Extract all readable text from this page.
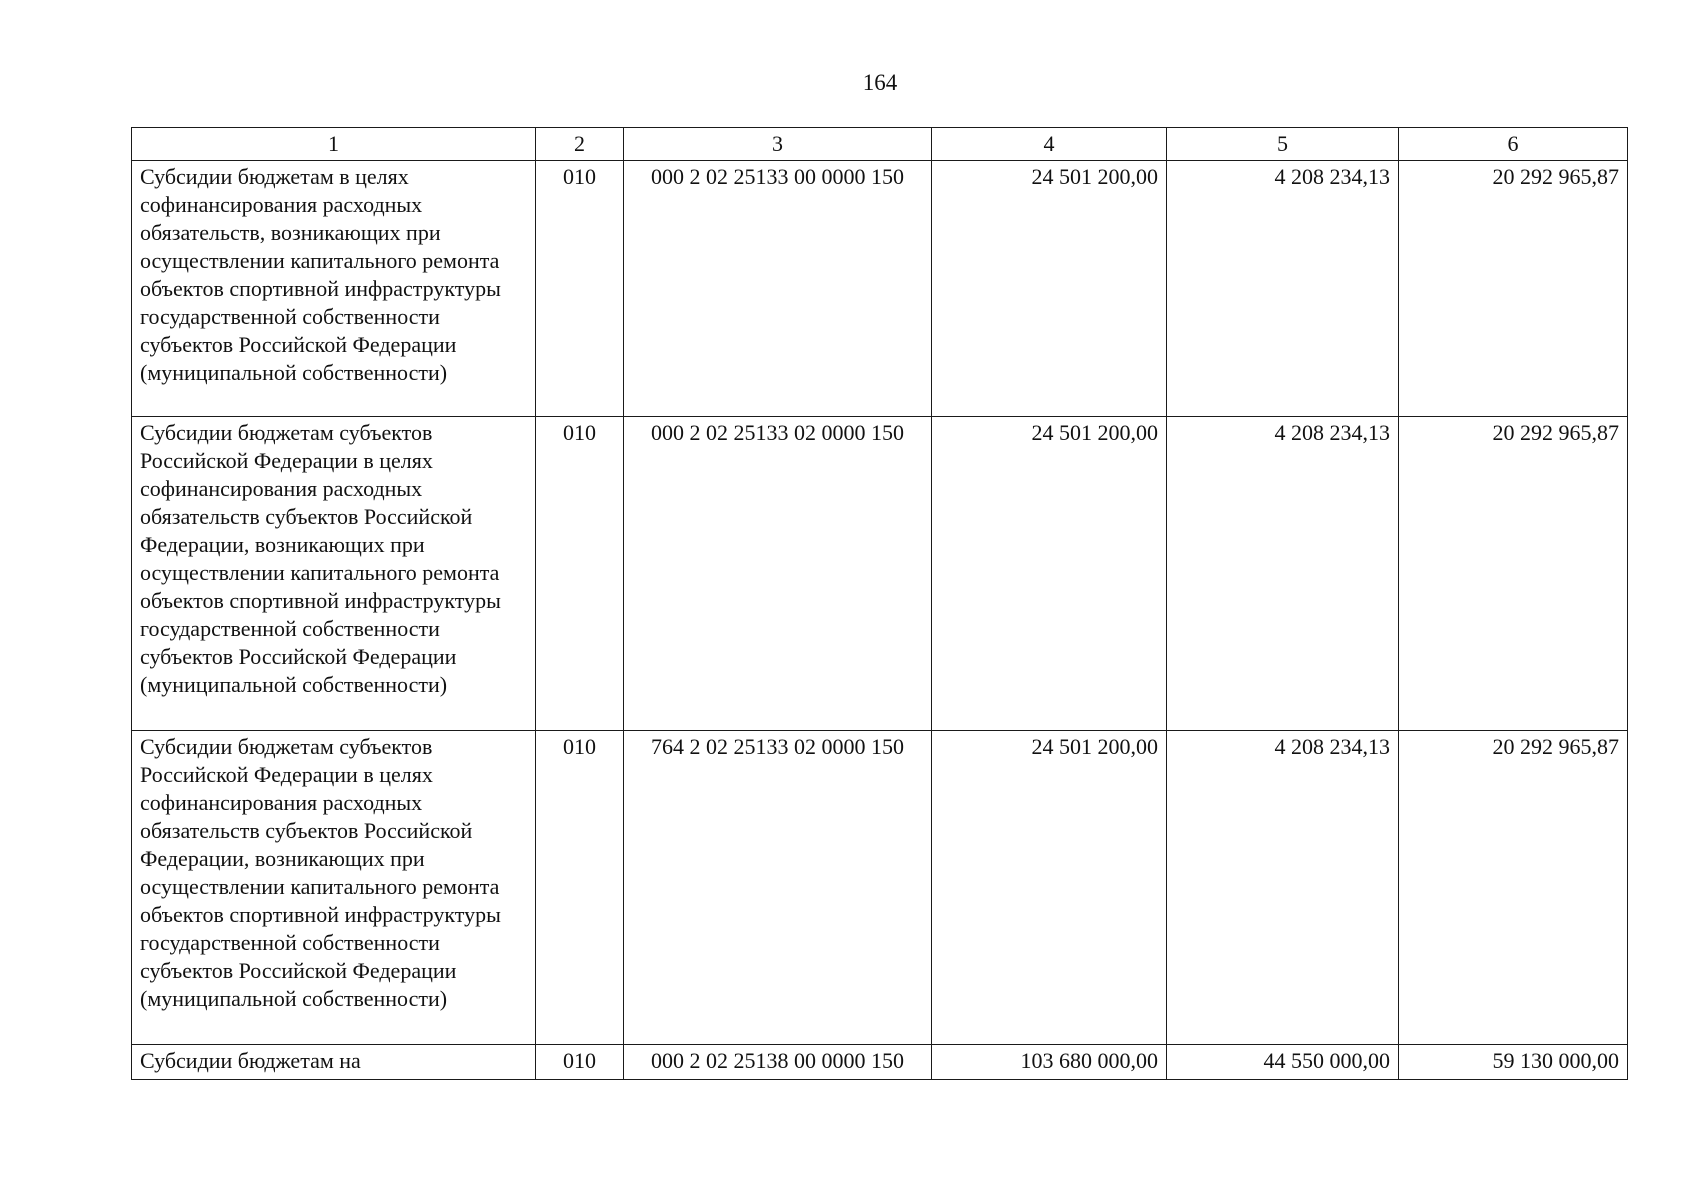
164
1	2	3	4	5	6
Субсидии бюджетам в целях софинансирования расходных обязательств, возникающих при осуществлении капитального ремонта объектов спортивной инфраструктуры государственной собственности субъектов Российской Федерации (муниципальной собственности)	010	000 2 02 25133 00 0000 150	24 501 200,00	4 208 234,13	20 292 965,87
Субсидии бюджетам субъектов Российской Федерации в целях софинансирования расходных обязательств субъектов Российской Федерации, возникающих при осуществлении капитального ремонта объектов спортивной инфраструктуры государственной собственности субъектов Российской Федерации (муниципальной собственности)	010	000 2 02 25133 02 0000 150	24 501 200,00	4 208 234,13	20 292 965,87
Субсидии бюджетам субъектов Российской Федерации в целях софинансирования расходных обязательств субъектов Российской Федерации, возникающих при осуществлении капитального ремонта объектов спортивной инфраструктуры государственной собственности субъектов Российской Федерации (муниципальной собственности)	010	764 2 02 25133 02 0000 150	24 501 200,00	4 208 234,13	20 292 965,87
Субсидии бюджетам на	010	000 2 02 25138 00 0000 150	103 680 000,00	44 550 000,00	59 130 000,00
